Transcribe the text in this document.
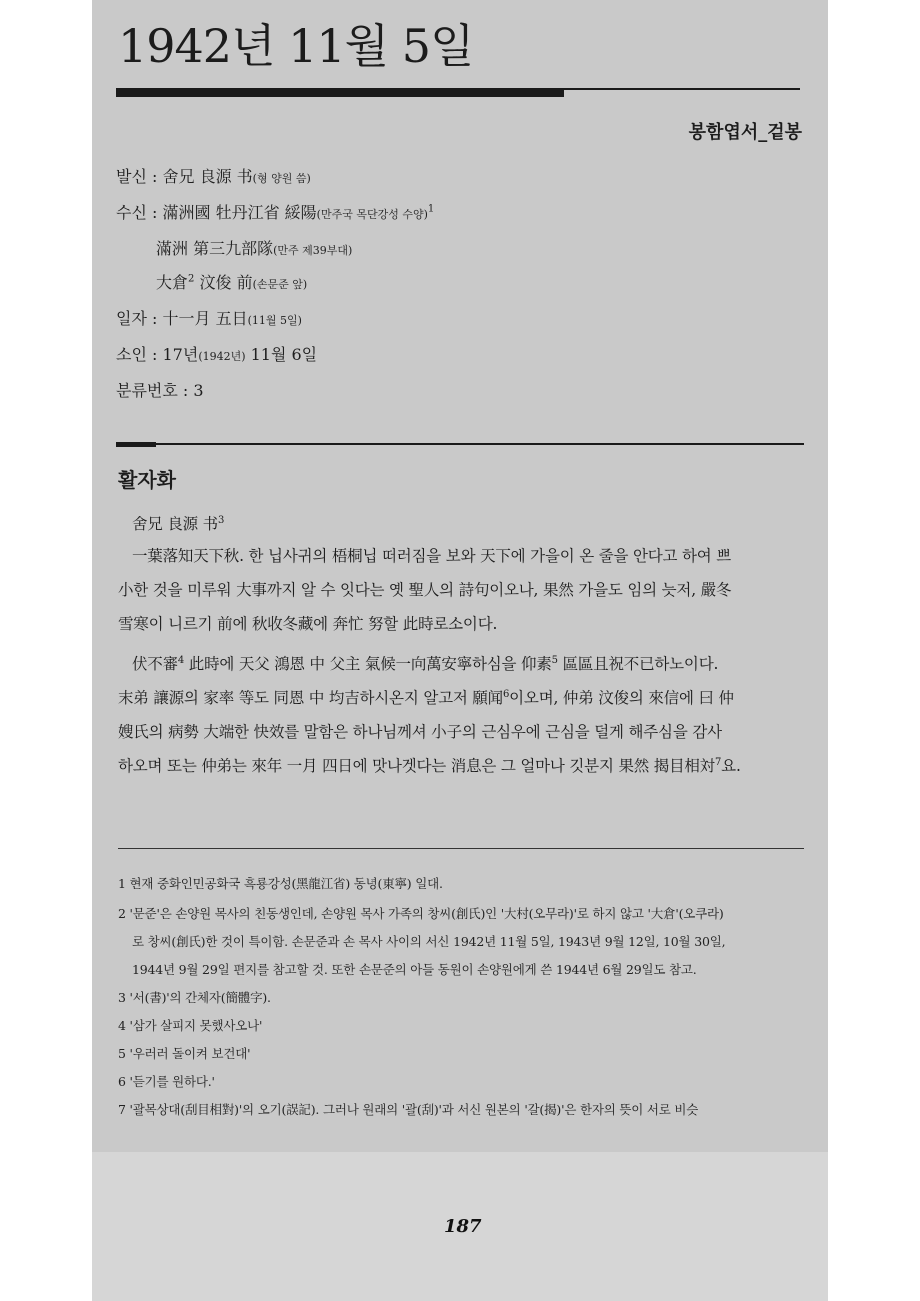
1942년 11월 5일
봉함엽서_겉봉
발신 : 舍兄 良源 书(형 양원 씀)
수신 : 滿洲國 牡丹江省 綏陽(만주국 목단강성 수양)$^1$
滿洲 第三九部隊(만주 제39부대)
大倉$^2$ 汶俊 前(손문준 앞)
일자 : 十一月 五日(11월 5일)
소인 : 17년(1942년) 11월 6일
분류번호 : 3
활자화
舍兄 良源 书$^3$
一葉落知天下秋. 한 닙사귀의 梧桐닙 떠러짐을 보와 天下에 가을이 온 줄을 안다고 하여 쁘
小한 것을 미루워 大事까지 알 수 잇다는 옛 聖人의 詩句이오나, 果然 가을도 임의 늣저, 嚴冬
雪寒이 니르기 前에 秋收冬藏에 奔忙 努할 此時로소이다.
伏不審$^4$ 此時에 天父 鴻恩 中 父主 氣候一向萬安寧하심을 仰素$^5$ 區區且祝不已하노이다.
末弟 讓源의 家率 等도 同恩 中 均吉하시온지 알고저 願闻$^6$이오며, 仲弟 汶俊의 來信에 曰 仲
嫂氏의 病勢 大端한 快效를 말함은 하나님께셔 小子의 근심우에 근심을 덜게 해주심을 감사
하오며 또는 仲弟는 來年 一月 四日에 맛나겟다는 消息은 그 얼마나 깃분지 果然 揭目相対$^7$요.
1 현재 중화인민공화국 흑룡강성(黑龍江省) 동녕(東寧) 일대.
2 '문준'은 손양원 목사의 친동생인데, 손양원 목사 가족의 창씨(創氏)인 '大村(오무라)'로 하지 않고 '大倉'(오쿠라)
로 창씨(創氏)한 것이 특이함. 손문준과 손 목사 사이의 서신 1942년 11월 5일, 1943년 9월 12일, 10월 30일,
1944년 9월 29일 편지를 참고할 것. 또한 손문준의 아들 동원이 손양원에게 쓴 1944년 6월 29일도 참고.
3 '서(書)'의 간체자(簡體字).
4 '삼가 살피지 못했사오나'
5 '우러러 돌이켜 보건대'
6 '듣기를 원하다.'
7 '괄목상대(刮目相對)'의 오기(誤記). 그러나 원래의 '괄(刮)'과 서신 원본의 '갈(揭)'은 한자의 뜻이 서로 비슷
187
